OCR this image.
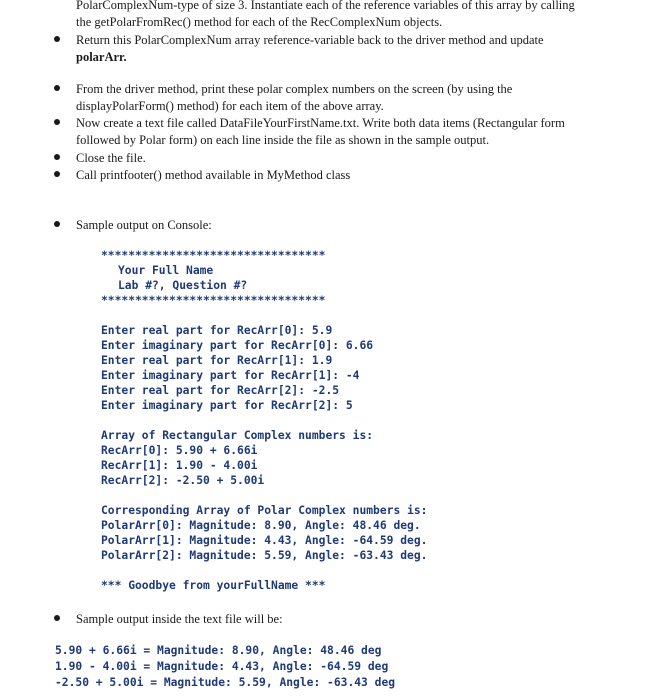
PolarComplexNum-type of size 3. Instantiate each of the reference variables of this array by calling

the getPolarFromRec() method for each of the RecComplexNum objects.

Return this PolarComplexNum array reference-variable back to the driver method and update

polarArr.

From the driver method, print these polar complex numbers on the screen (by using the

displayPolarForm() method) for each item of the above array.

Now create a text file called DataFileYourFirstName.txt. Write both data items (Rectangular form

followed by Polar form) on each line inside the file as shown in the sample output.

Close the file.

Call printfooter() method available in MyMethod class

Sample output on Console:

*********************************
Your Full Name
Lab #?, Question #?
*********************************
Enter real part for RecArr[0]: 5.9
Enter imaginary part for RecArr[0]: 6.66
Enter real part for RecArr[1]: 1.9
Enter imaginary part for RecArr[1]: -4
Enter real part for RecArr[2]: -2.5
Enter imaginary part for RecArr[2]: 5
Array of Rectangular Complex numbers is:
RecArr[0]: 5.90 + 6.66i
RecArr[1]: 1.90 - 4.00i
RecArr[2]: -2.50 + 5.00i
Corresponding Array of Polar Complex numbers is:
PolarArr[0]: Magnitude: 8.90, Angle: 48.46 deg.
PolarArr[1]: Magnitude: 4.43, Angle: -64.59 deg.
PolarArr[2]: Magnitude: 5.59, Angle: -63.43 deg.
*** Goodbye from yourFullName ***

Sample output inside the text file will be:

5.90 + 6.66i = Magnitude: 8.90, Angle: 48.46 deg
1.90 - 4.00i = Magnitude: 4.43, Angle: -64.59 deg
-2.50 + 5.00i = Magnitude: 5.59, Angle: -63.43 deg
